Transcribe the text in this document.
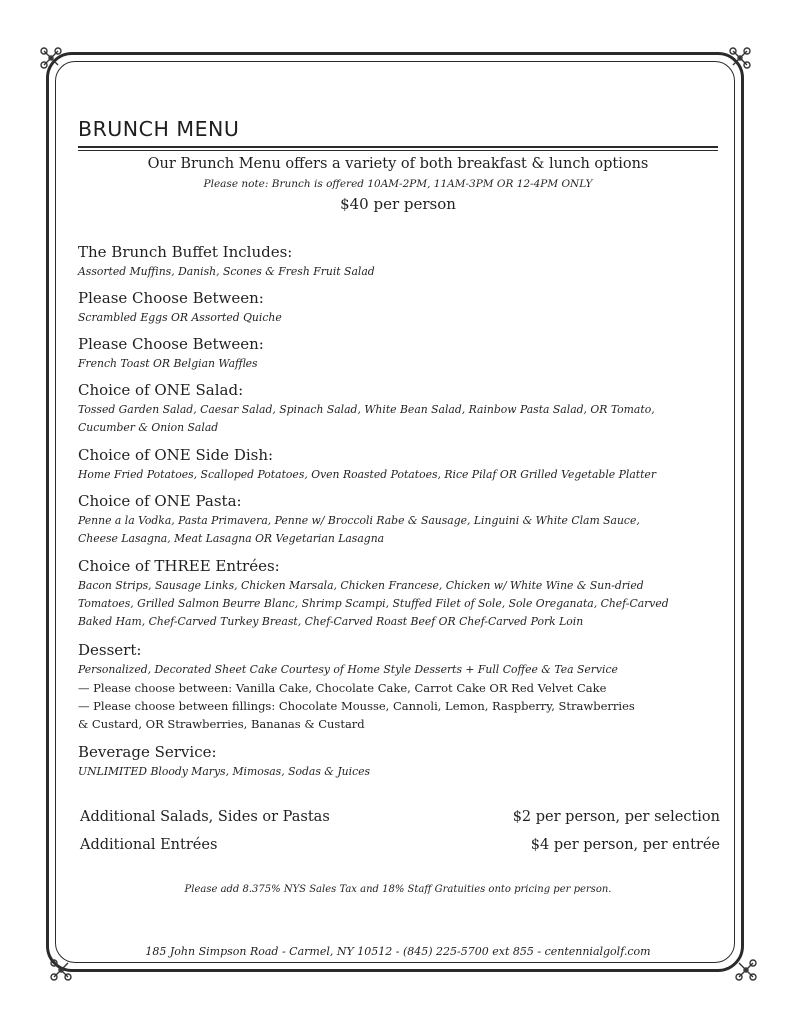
BRUNCH MENU
Our Brunch Menu offers a variety of both breakfast & lunch options
Please note: Brunch is offered 10AM-2PM, 11AM-3PM OR 12-4PM ONLY
$40 per person
The Brunch Buffet Includes:
Assorted Muffins, Danish, Scones & Fresh Fruit Salad
Please Choose Between:
Scrambled Eggs OR Assorted Quiche
Please Choose Between:
French Toast OR Belgian Waffles
Choice of ONE Salad:
Tossed Garden Salad, Caesar Salad, Spinach Salad, White Bean Salad, Rainbow Pasta Salad, OR Tomato,
Cucumber & Onion Salad
Choice of ONE Side Dish:
Home Fried Potatoes, Scalloped Potatoes, Oven Roasted Potatoes, Rice Pilaf OR Grilled Vegetable Platter
Choice of ONE Pasta:
Penne a la Vodka, Pasta Primavera, Penne w/ Broccoli Rabe & Sausage, Linguini & White Clam Sauce,
Cheese Lasagna, Meat Lasagna OR Vegetarian Lasagna
Choice of THREE Entrées:
Bacon Strips, Sausage Links, Chicken Marsala, Chicken Francese, Chicken w/ White Wine & Sun-dried
Tomatoes, Grilled Salmon Beurre Blanc, Shrimp Scampi, Stuffed Filet of Sole, Sole Oreganata, Chef-Carved
Baked Ham, Chef-Carved Turkey Breast, Chef-Carved Roast Beef OR Chef-Carved Pork Loin
Dessert:
Personalized, Decorated Sheet Cake Courtesy of Home Style Desserts + Full Coffee & Tea Service
— Please choose between: Vanilla Cake, Chocolate Cake, Carrot Cake OR Red Velvet Cake
— Please choose between fillings: Chocolate Mousse, Cannoli, Lemon, Raspberry, Strawberries
& Custard, OR Strawberries, Bananas & Custard
Beverage Service:
UNLIMITED Bloody Marys, Mimosas, Sodas & Juices
Additional Salads, Sides or Pastas	$2 per person, per selection
Additional Entrées	$4 per person, per entrée
Please add 8.375% NYS Sales Tax and 18% Staff Gratuities onto pricing per person.
185 John Simpson Road - Carmel, NY 10512 - (845) 225-5700 ext 855 - centennialgolf.com
